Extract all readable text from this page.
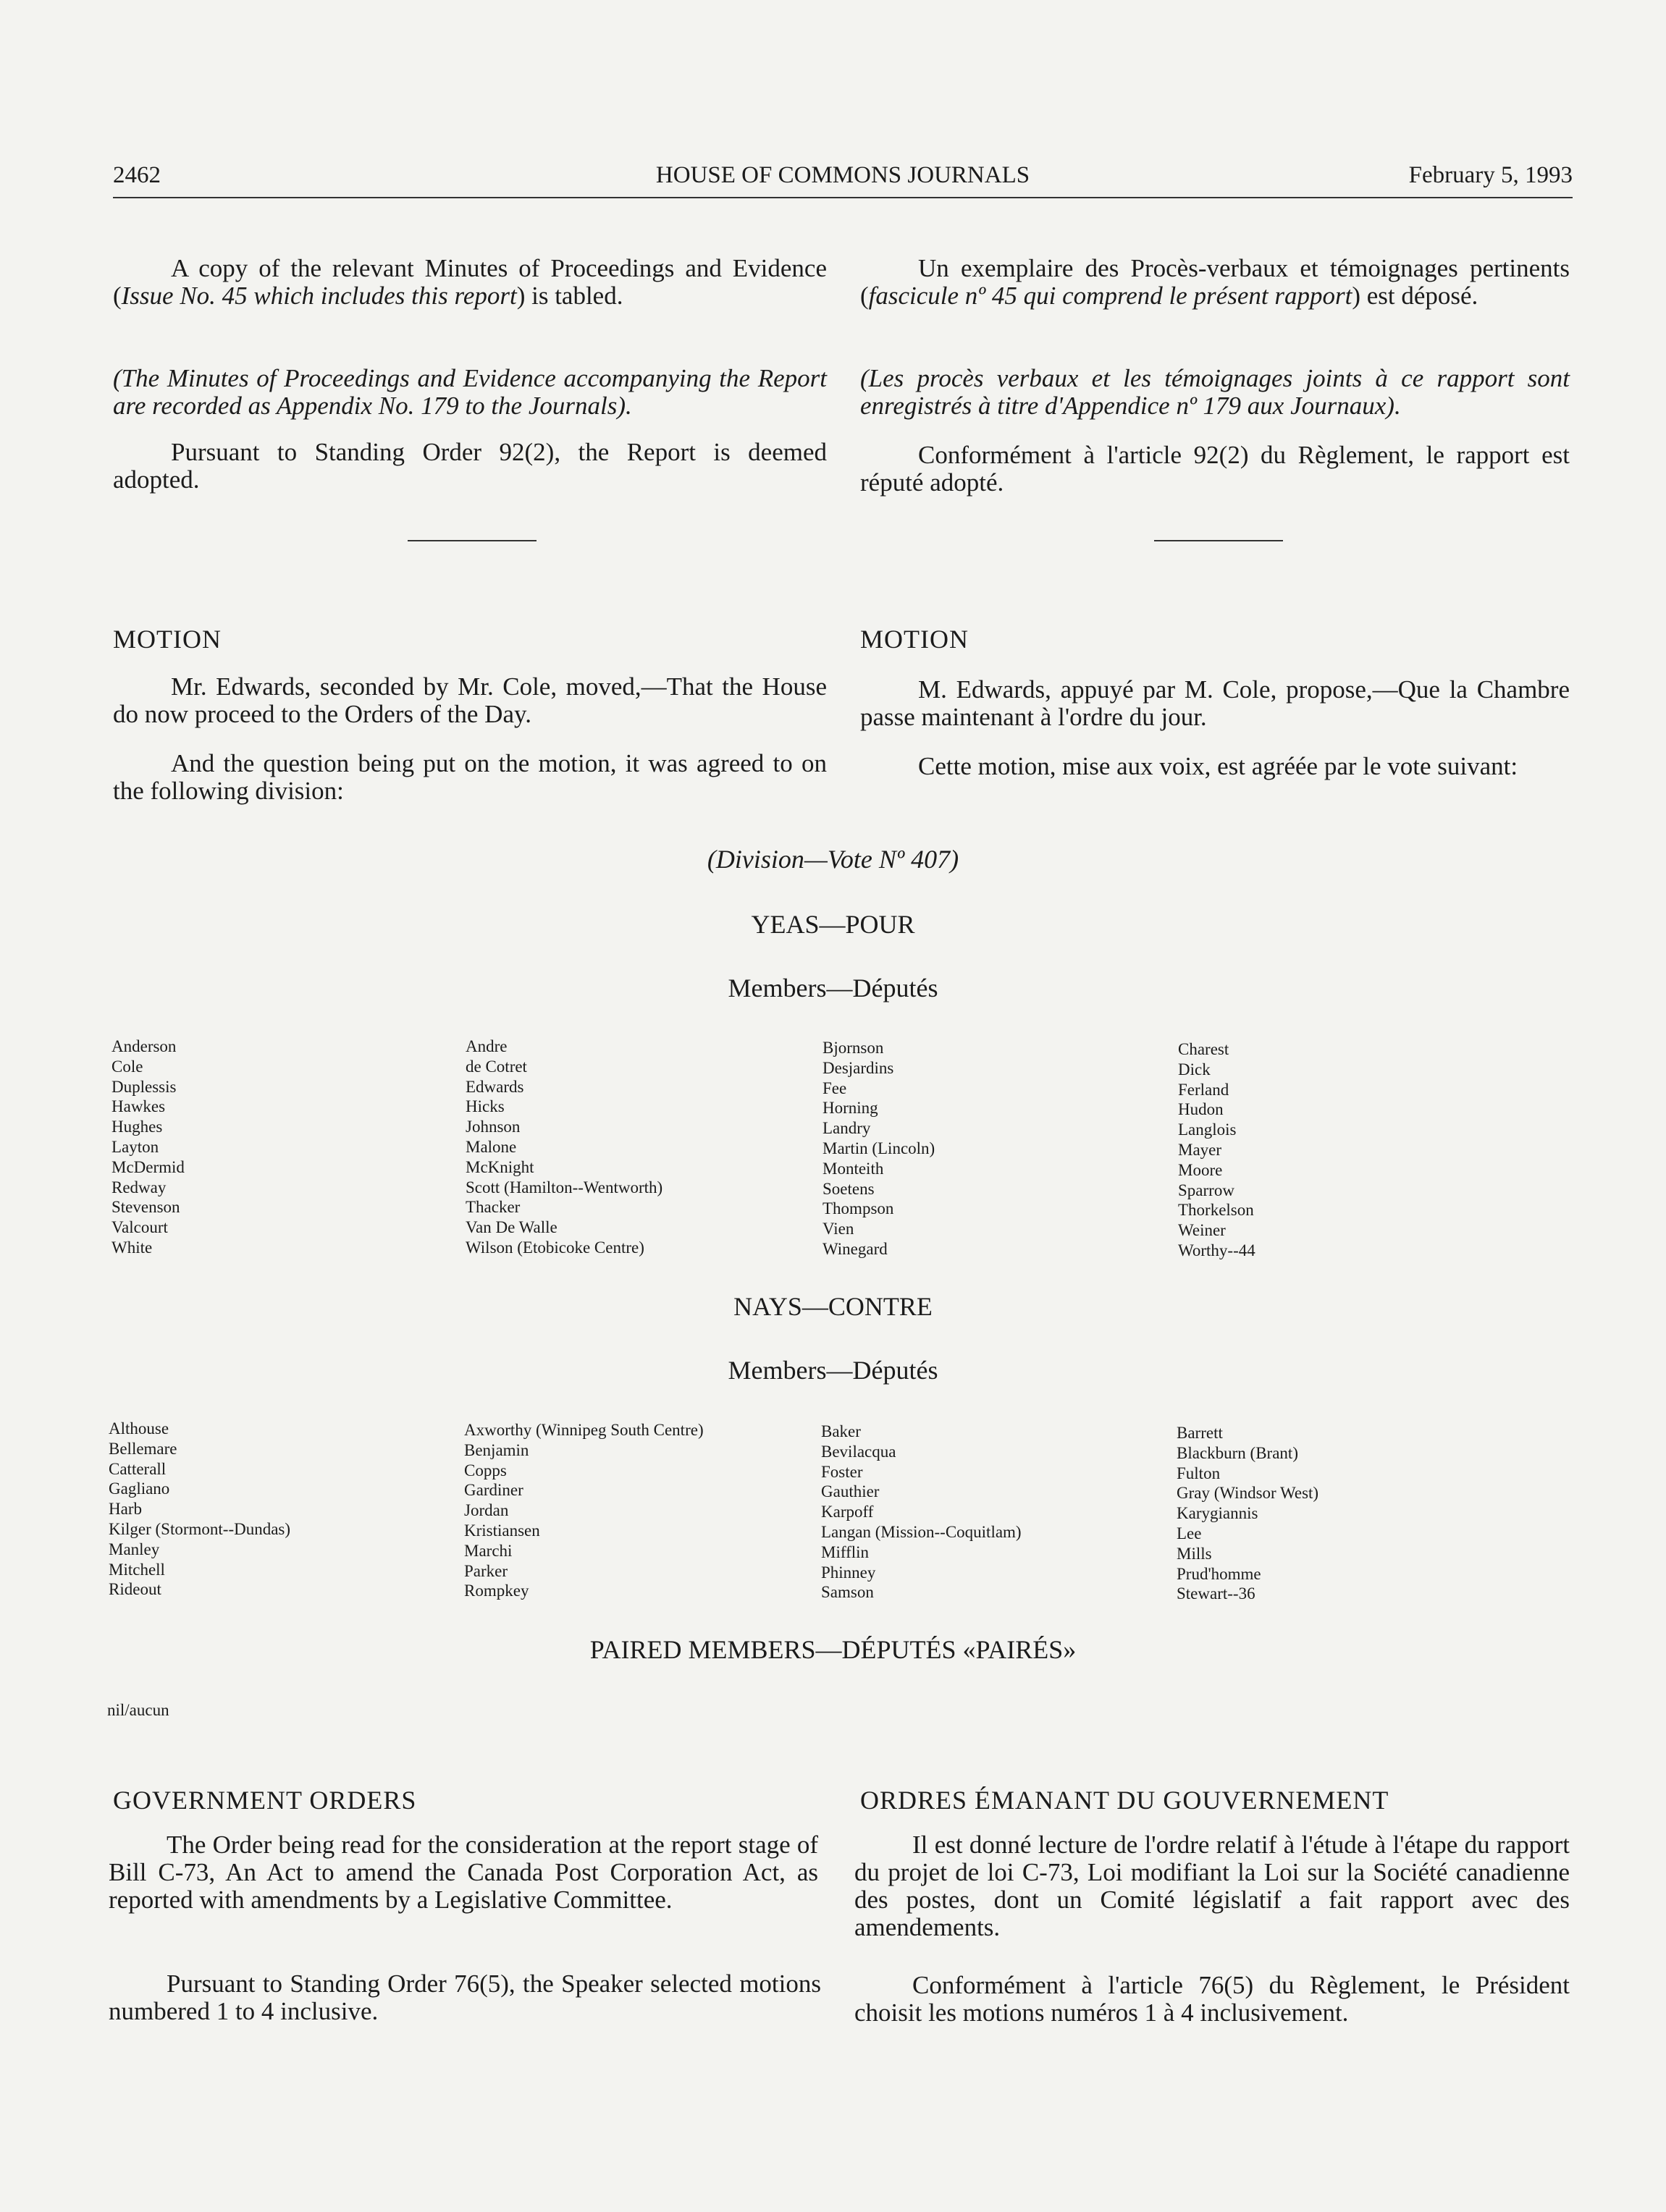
2462	HOUSE OF COMMONS JOURNALS	February 5, 1993

A copy of the relevant Minutes of Proceedings and Evidence (Issue No. 45 which includes this report) is tabled.

(The Minutes of Proceedings and Evidence accompanying the Report are recorded as Appendix No. 179 to the Journals).

Pursuant to Standing Order 92(2), the Report is deemed adopted.

MOTION

Mr. Edwards, seconded by Mr. Cole, moved,—That the House do now proceed to the Orders of the Day.

And the question being put on the motion, it was agreed to on the following division:

Un exemplaire des Procès-verbaux et témoignages pertinents (fascicule nº 45 qui comprend le présent rapport) est déposé.

(Les procès verbaux et les témoignages joints à ce rapport sont enregistrés à titre d'Appendice nº 179 aux Journaux).

Conformément à l'article 92(2) du Règlement, le rapport est réputé adopté.

MOTION

M. Edwards, appuyé par M. Cole, propose,—Que la Chambre passe maintenant à l'ordre du jour.

Cette motion, mise aux voix, est agréée par le vote suivant:

(Division—Vote Nº 407)
YEAS—POUR
Members—Députés
Anderson
Cole
Duplessis
Hawkes
Hughes
Layton
McDermid
Redway
Stevenson
Valcourt
White
Andre
de Cotret
Edwards
Hicks
Johnson
Malone
McKnight
Scott (Hamilton--Wentworth)
Thacker
Van De Walle
Wilson (Etobicoke Centre)
Bjornson
Desjardins
Fee
Horning
Landry
Martin (Lincoln)
Monteith
Soetens
Thompson
Vien
Winegard
Charest
Dick
Ferland
Hudon
Langlois
Mayer
Moore
Sparrow
Thorkelson
Weiner
Worthy--44
NAYS—CONTRE
Members—Députés
Althouse
Bellemare
Catterall
Gagliano
Harb
Kilger (Stormont--Dundas)
Manley
Mitchell
Rideout
Axworthy (Winnipeg South Centre)
Benjamin
Copps
Gardiner
Jordan
Kristiansen
Marchi
Parker
Rompkey
Baker
Bevilacqua
Foster
Gauthier
Karpoff
Langan (Mission--Coquitlam)
Mifflin
Phinney
Samson
Barrett
Blackburn (Brant)
Fulton
Gray (Windsor West)
Karygiannis
Lee
Mills
Prud'homme
Stewart--36
PAIRED MEMBERS—DÉPUTÉS «PAIRÉS»
nil/aucun

GOVERNMENT ORDERS

The Order being read for the consideration at the report stage of Bill C-73, An Act to amend the Canada Post Corporation Act, as reported with amendments by a Legislative Committee.

Pursuant to Standing Order 76(5), the Speaker selected motions numbered 1 to 4 inclusive.

ORDRES ÉMANANT DU GOUVERNEMENT

Il est donné lecture de l'ordre relatif à l'étude à l'étape du rapport du projet de loi C-73, Loi modifiant la Loi sur la Société canadienne des postes, dont un Comité législatif a fait rapport avec des amendements.

Conformément à l'article 76(5) du Règlement, le Président choisit les motions numéros 1 à 4 inclusivement.
